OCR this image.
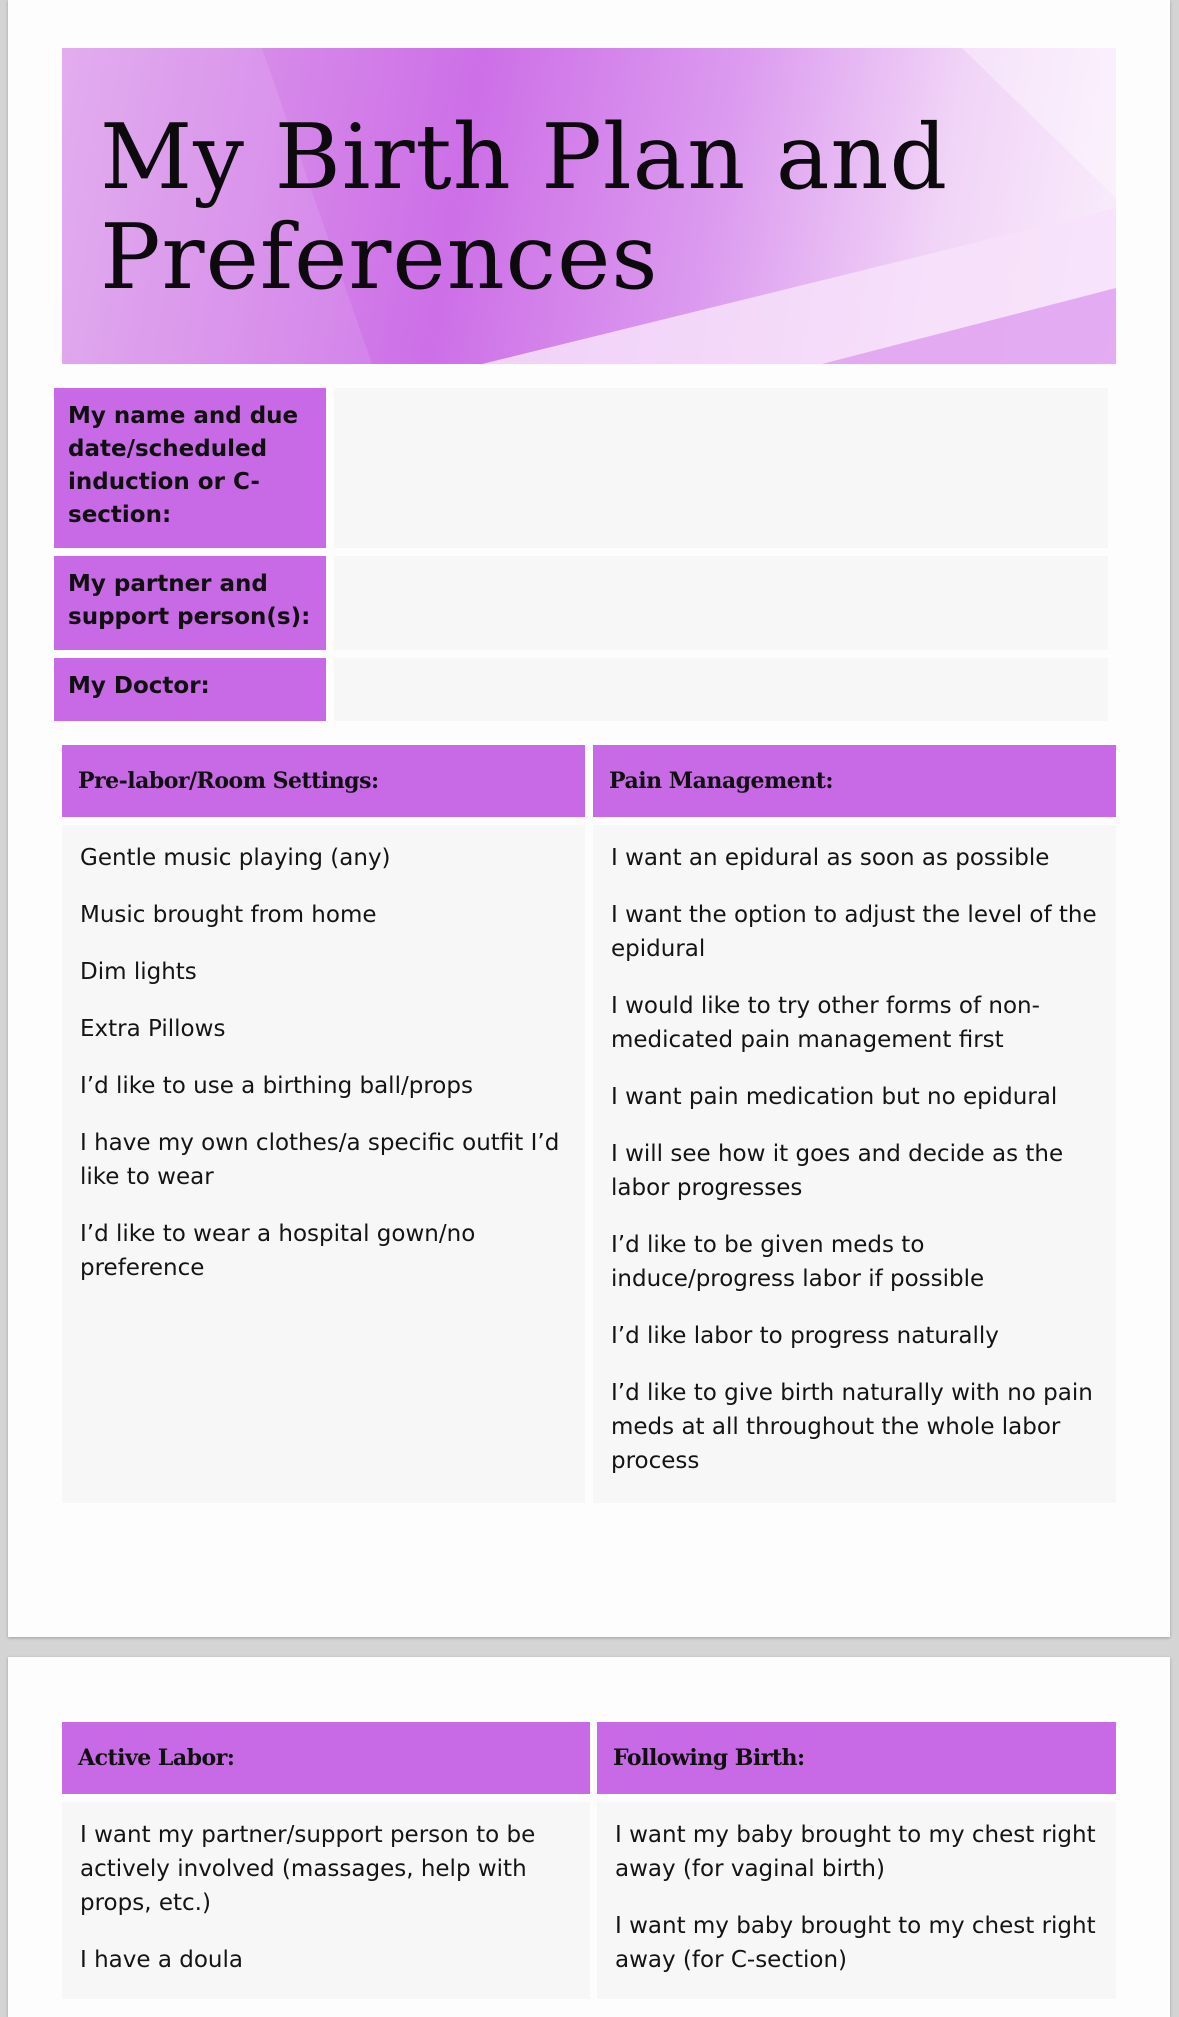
My Birth Plan and Preferences
My name and due date/scheduled induction or C-section:
My partner and support person(s):
My Doctor:
Pre-labor/Room Settings:
Gentle music playing (any)
Music brought from home
Dim lights
Extra Pillows
I’d like to use a birthing ball/props
I have my own clothes/a specific outfit I’d like to wear
I’d like to wear a hospital gown/no preference
Pain Management:
I want an epidural as soon as possible
I want the option to adjust the level of the epidural
I would like to try other forms of non-medicated pain management first
I want pain medication but no epidural
I will see how it goes and decide as the labor progresses
I’d like to be given meds to induce/progress labor if possible
I’d like labor to progress naturally
I’d like to give birth naturally with no pain meds at all throughout the whole labor process
Active Labor:
I want my partner/support person to be actively involved (massages, help with props, etc.)
I have a doula
Following Birth:
I want my baby brought to my chest right away (for vaginal birth)
I want my baby brought to my chest right away (for C-section)
